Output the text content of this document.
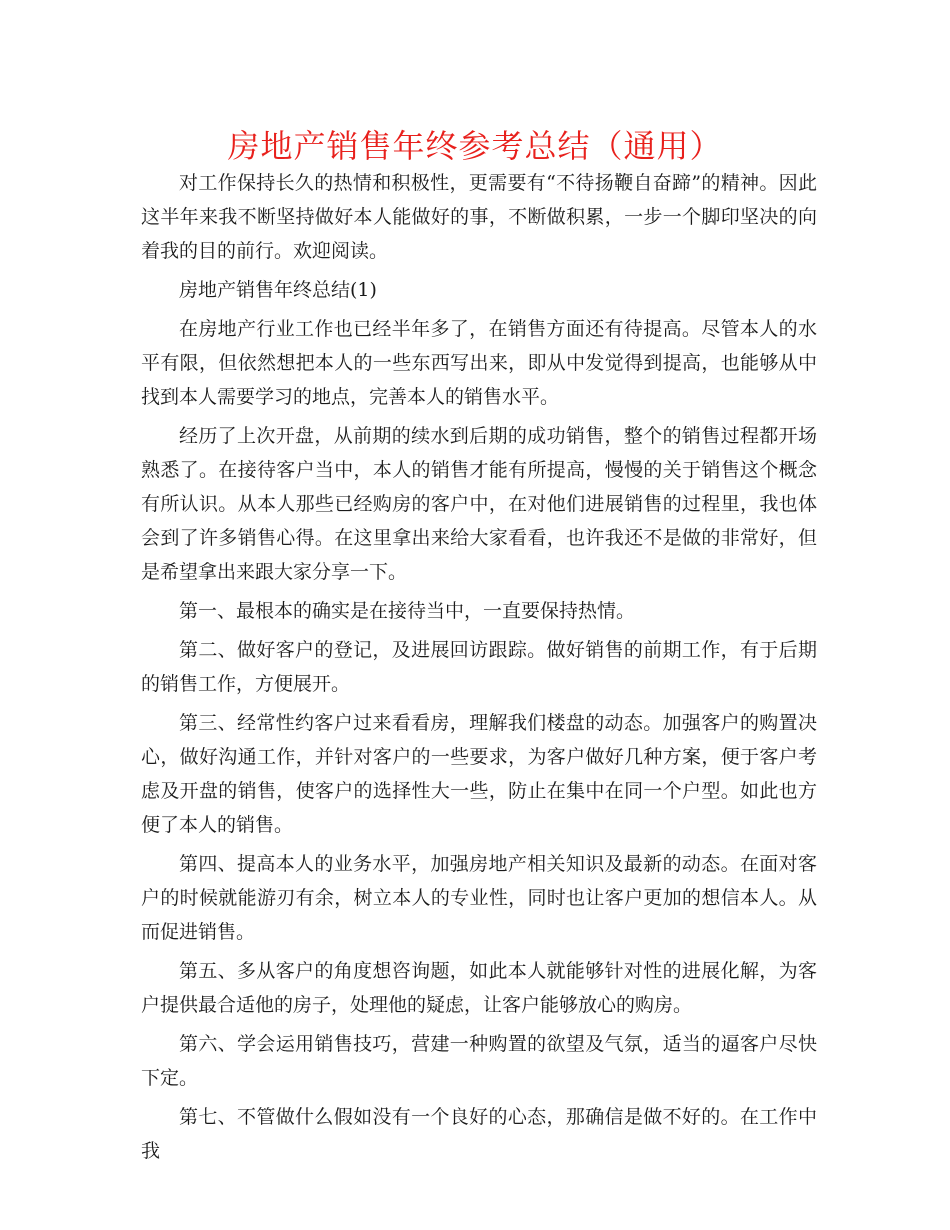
房地产销售年终参考总结（通用）

对工作保持长久的热情和积极性，更需要有“不待扬鞭自奋蹄”的精神。因此这半年来我不断坚持做好本人能做好的事，不断做积累，一步一个脚印坚决的向着我的目的前行。欢迎阅读。

房地产销售年终总结(1)

在房地产行业工作也已经半年多了，在销售方面还有待提高。尽管本人的水平有限，但依然想把本人的一些东西写出来，即从中发觉得到提高，也能够从中找到本人需要学习的地点，完善本人的销售水平。

经历了上次开盘，从前期的续水到后期的成功销售，整个的销售过程都开场熟悉了。在接待客户当中，本人的销售才能有所提高，慢慢的关于销售这个概念有所认识。从本人那些已经购房的客户中，在对他们进展销售的过程里，我也体会到了许多销售心得。在这里拿出来给大家看看，也许我还不是做的非常好，但是希望拿出来跟大家分享一下。

第一、最根本的确实是在接待当中，一直要保持热情。

第二、做好客户的登记，及进展回访跟踪。做好销售的前期工作，有于后期的销售工作，方便展开。

第三、经常性约客户过来看看房，理解我们楼盘的动态。加强客户的购置决心，做好沟通工作，并针对客户的一些要求，为客户做好几种方案，便于客户考虑及开盘的销售，使客户的选择性大一些，防止在集中在同一个户型。如此也方便了本人的销售。

第四、提高本人的业务水平，加强房地产相关知识及最新的动态。在面对客户的时候就能游刃有余，树立本人的专业性，同时也让客户更加的想信本人。从而促进销售。

第五、多从客户的角度想咨询题，如此本人就能够针对性的进展化解，为客户提供最合适他的房子，处理他的疑虑，让客户能够放心的购房。

第六、学会运用销售技巧，营建一种购置的欲望及气氛，适当的逼客户尽快下定。

第七、不管做什么假如没有一个良好的心态，那确信是做不好的。在工作中我
